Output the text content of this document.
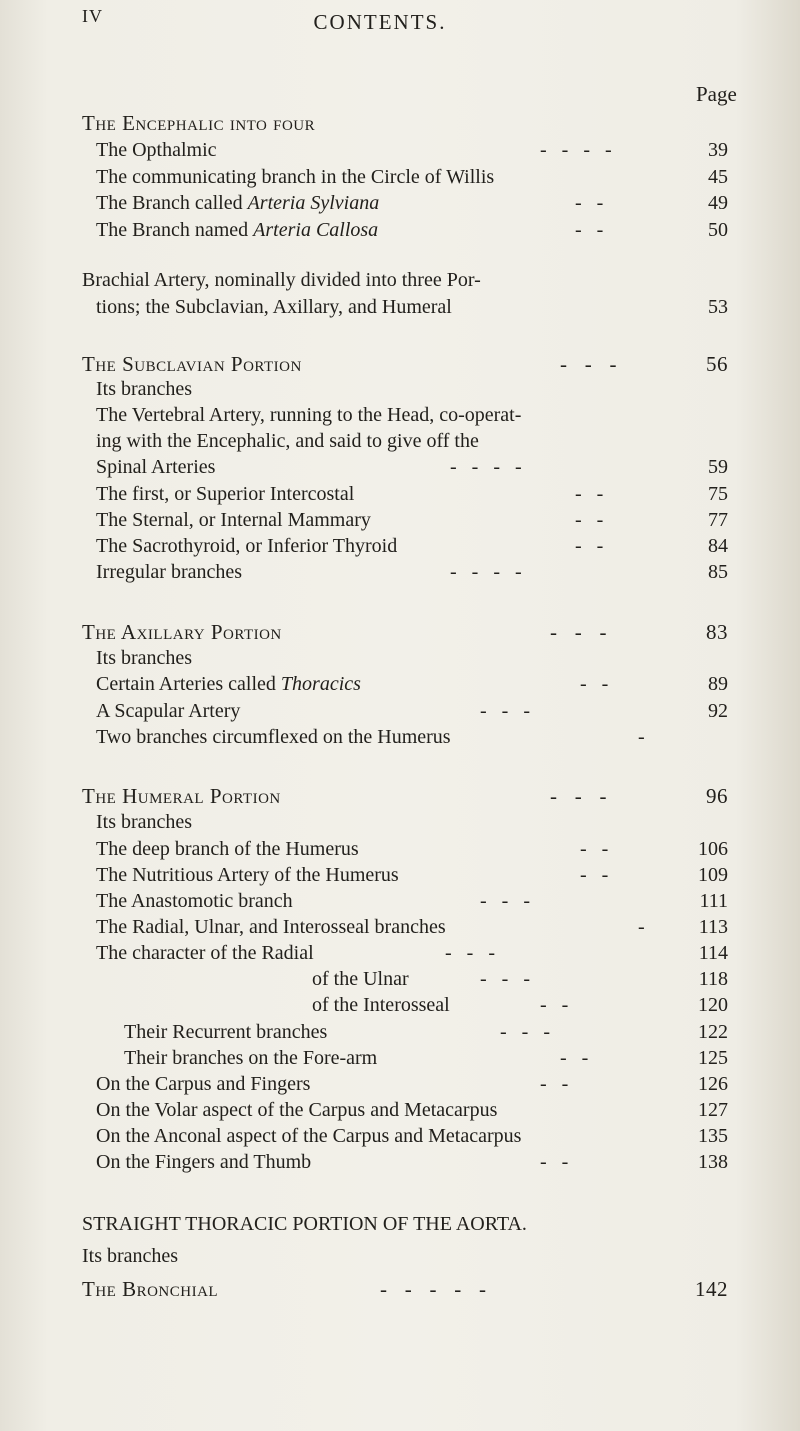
IV	CONTENTS.
Page
The Encephalic into four
The Opthalmic	-   -   -   -	39
The communicating branch in the Circle of Willis	45
The Branch called Arteria Sylviana	-   -	49
The Branch named Arteria Callosa	-   -	50
Brachial Artery, nominally divided into three Por-
tions; the Subclavian, Axillary, and Humeral	53
The Subclavian Portion	-   -   -	56
Its branches
The Vertebral Artery, running to the Head, co-operat-
ing with the Encephalic, and said to give off the
Spinal Arteries	-   -   -   -	59
The first, or Superior Intercostal	-   -	75
The Sternal, or Internal Mammary	-   -	77
The Sacrothyroid, or Inferior Thyroid	-   -	84
Irregular branches	-   -   -   -	85
The Axillary Portion	-   -   -	83
Its branches
Certain Arteries called Thoracics	-   -	89
A Scapular Artery	-   -   -	92
Two branches circumflexed on the Humerus	-
The Humeral Portion	-   -   -	96
Its branches
The deep branch of the Humerus	-   -	106
The Nutritious Artery of the Humerus	-   -	109
The Anastomotic branch	-   -   -	111
The Radial, Ulnar, and Interosseal branches	-	113
The character of the Radial	-   -   -	114
of the Ulnar	-   -   -	118
of the Interosseal	-   -	120
Their Recurrent branches	-   -   -	122
Their branches on the Fore-arm	-   -	125
On the Carpus and Fingers	-   -	126
On the Volar aspect of the Carpus and Metacarpus	127
On the Anconal aspect of the Carpus and Metacarpus	135
On the Fingers and Thumb	-   -	138
STRAIGHT THORACIC PORTION OF THE AORTA.
Its branches
The Bronchial	-   -   -   -   -	142
